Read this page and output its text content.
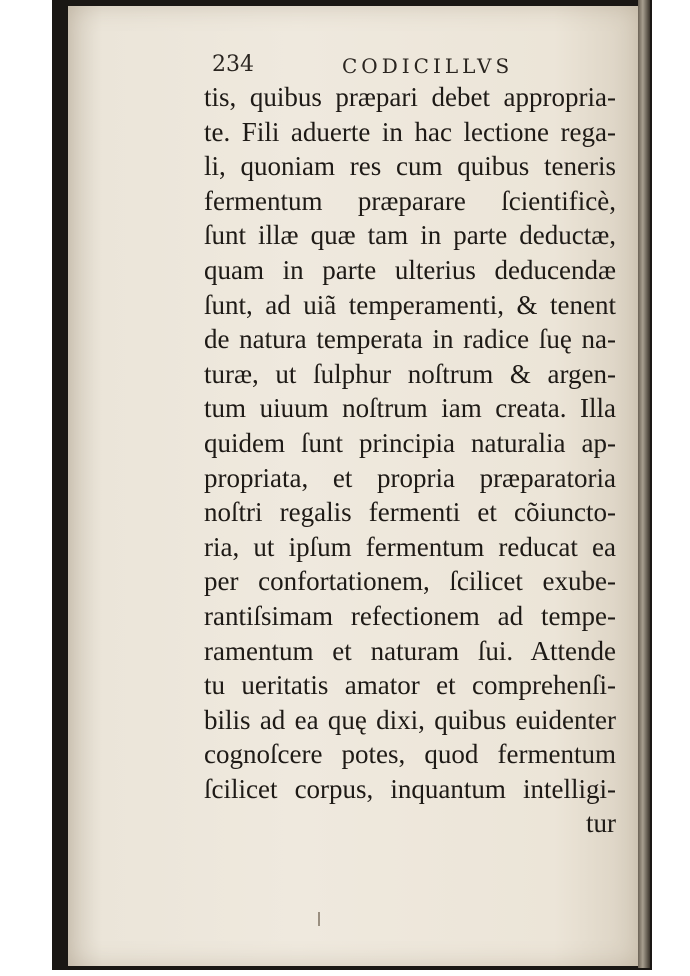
234	CODICILLVS
tis, quibus præpari debet appropria-
te. Fili aduerte in hac lectione rega-
li, quoniam res cum quibus teneris
fermentum præparare ſcientificè,
ſunt illæ quæ tam in parte deductæ,
quam in parte ulterius deducendæ
ſunt, ad uiã temperamenti, & tenent
de natura temperata in radice ſuę na-
turæ, ut ſulphur noſtrum & argen-
tum uiuum noſtrum iam creata. Illa
quidem ſunt principia naturalia ap-
propriata, et propria præparatoria
noſtri regalis fermenti et cõiunctо-
ria, ut ipſum fermentum reducat ea
per confortationem, ſcilicet exube-
rantiſsimam refectionem ad tempe-
ramentum et naturam ſui. Attende
tu ueritatis amator et comprehenſi-
bilis ad ea quę dixi, quibus euidenter
cognoſcere potes, quod fermentum
ſcilicet corpus, inquantum intelligi-
tur
